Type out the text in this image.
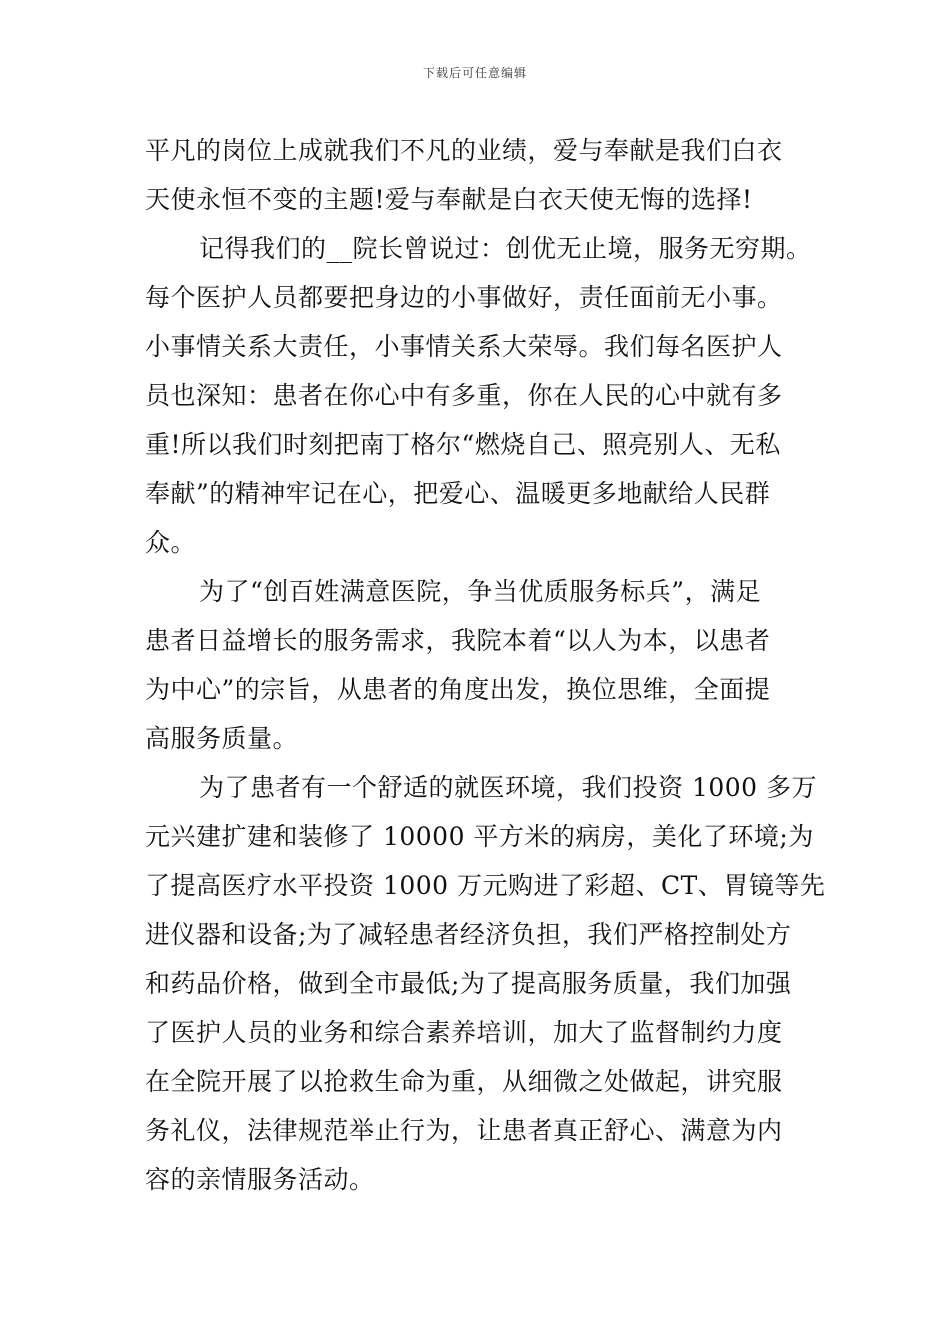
下载后可任意编辑
平凡的岗位上成就我们不凡的业绩，爱与奉献是我们白衣
天使永恒不变的主题!爱与奉献是白衣天使无悔的选择!
记得我们的__院长曾说过：创优无止境，服务无穷期。
每个医护人员都要把身边的小事做好，责任面前无小事。
小事情关系大责任，小事情关系大荣辱。我们每名医护人
员也深知：患者在你心中有多重，你在人民的心中就有多
重!所以我们时刻把南丁格尔“燃烧自己、照亮别人、无私
奉献”的精神牢记在心，把爱心、温暖更多地献给人民群
众。
为了“创百姓满意医院，争当优质服务标兵”，满足
患者日益增长的服务需求，我院本着“以人为本，以患者
为中心”的宗旨，从患者的角度出发，换位思维，全面提
高服务质量。
为了患者有一个舒适的就医环境，我们投资 1000 多万
元兴建扩建和装修了 10000 平方米的病房，美化了环境;为
了提高医疗水平投资 1000 万元购进了彩超、CT、胃镜等先
进仪器和设备;为了减轻患者经济负担，我们严格控制处方
和药品价格，做到全市最低;为了提高服务质量，我们加强
了医护人员的业务和综合素养培训，加大了监督制约力度
在全院开展了以抢救生命为重，从细微之处做起，讲究服
务礼仪，法律规范举止行为，让患者真正舒心、满意为内
容的亲情服务活动。
